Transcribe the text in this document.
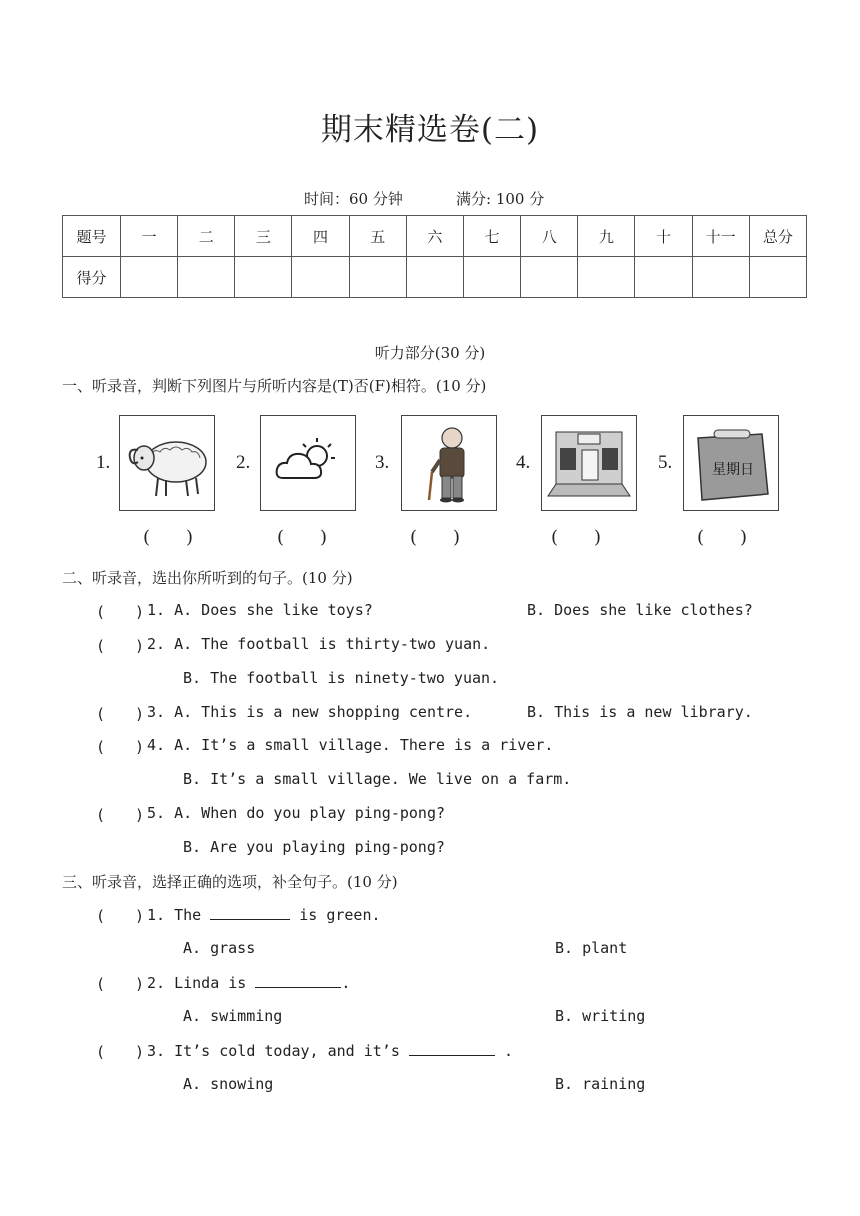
期末精选卷(二)
时间：60 分钟	满分: 100 分
题号	一	二	三	四	五	六	七	八	九	十	十一	总分
得分												
听力部分(30 分)
一、听录音，判断下列图片与所听内容是(T)否(F)相符。(10 分)
1.
(　　)
2.
(　　)
3.
(　　)
4.
(　　)
5.	星期日
(　　)
二、听录音，选出你所听到的句子。(10 分)
(　　) 1. A. Does she like toys?	B. Does she like clothes?
(　　) 2. A. The football is thirty-two yuan.
B. The football is ninety-two yuan.
(　　) 3. A. This is a new shopping centre.	B. This is a new library.
(　　) 4. A. It’s a small village. There is a river.
B. It’s a small village. We live on a farm.
(　　) 5. A. When do you play ping-pong?
B. Are you playing ping-pong?
三、听录音，选择正确的选项，补全句子。(10 分)
(　　) 1. The	is green.
A. grass	B. plant
(　　) 2. Linda is	.
A. swimming	B. writing
(　　) 3. It’s cold today, and it’s	.
A. snowing	B. raining
